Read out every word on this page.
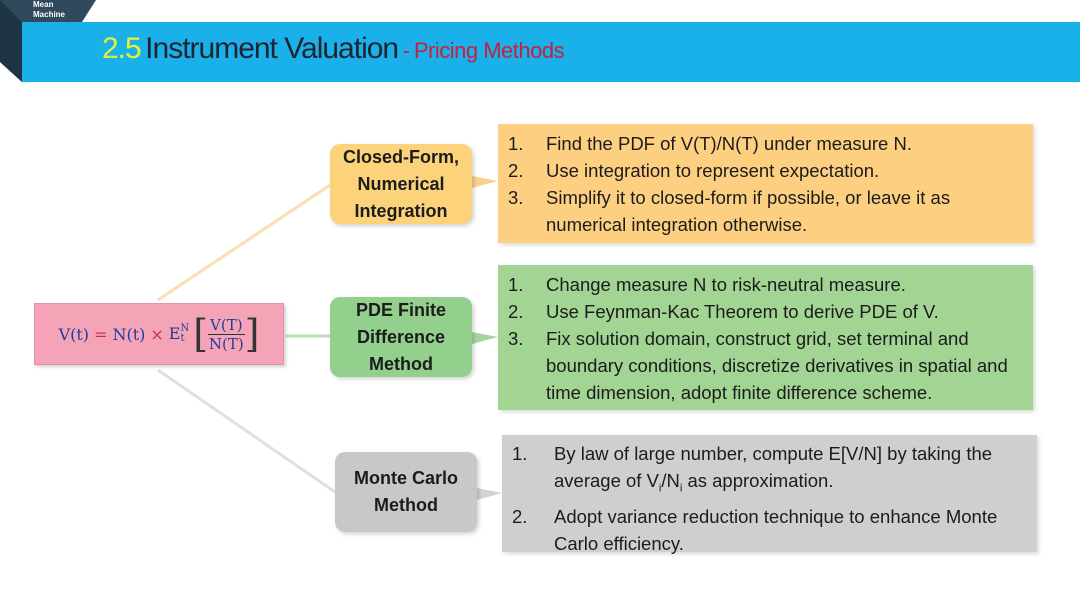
Mean
Machine
2.5 Instrument Valuation - Pricing Methods
V(t) = N(t) × E N
t [ $\frac{V(T)}{N(T)}$ ]
Closed-Form, Numerical Integration
PDE Finite Difference Method
Monte Carlo Method
1.	Find the PDF of V(T)/N(T) under measure N.
2.	Use integration to represent expectation.
3.	Simplify it to closed-form if possible, or leave it as numerical integration otherwise.
1.	Change measure N to risk-neutral measure.
2.	Use Feynman-Kac Theorem to derive PDE of V.
3.	Fix solution domain, construct grid, set terminal and boundary conditions, discretize derivatives in spatial and time dimension, adopt finite difference scheme.
1.	By law of large number, compute E[V/N] by taking the average of $V_i/N_i$ as approximation.
2.	Adopt variance reduction technique to enhance Monte Carlo efficiency.
